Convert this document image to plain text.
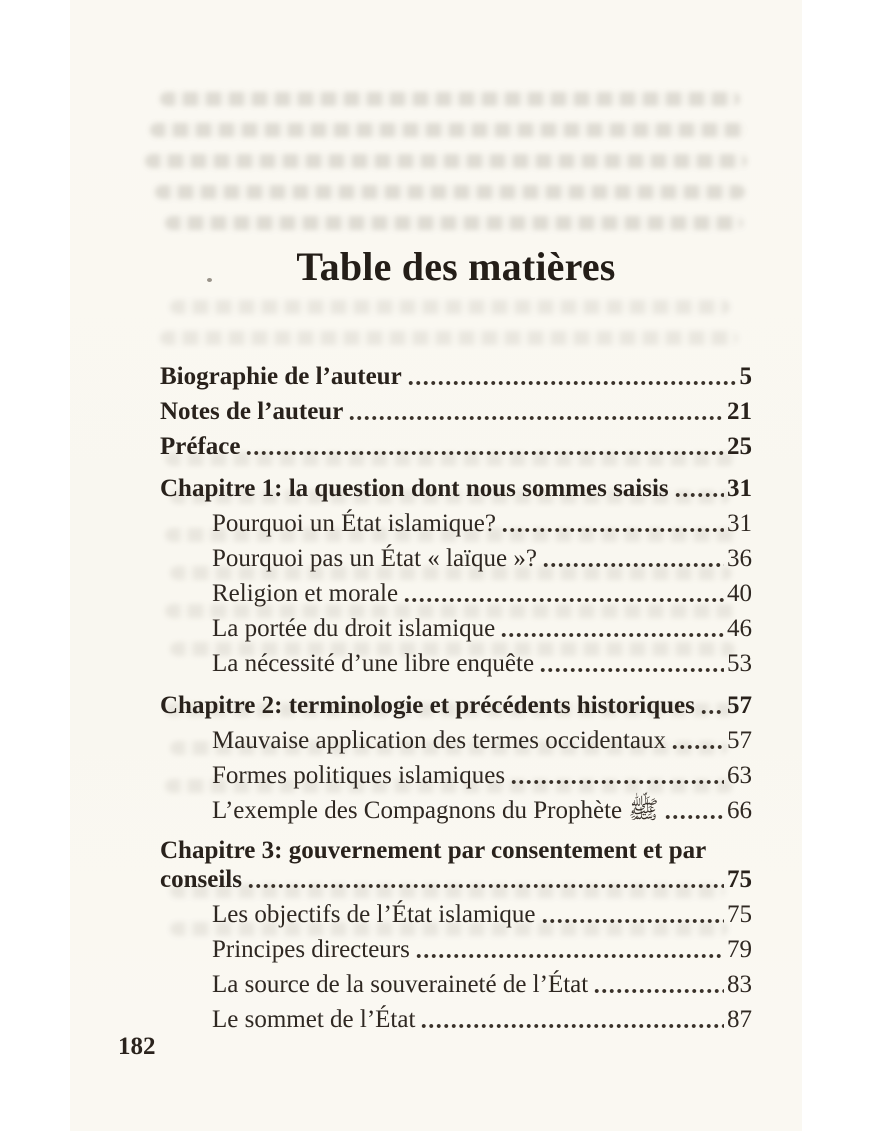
Table des matières
Biographie de l’auteur	5
Notes de l’auteur	21
Préface	25
Chapitre 1: la question dont nous sommes saisis 31
Pourquoi un État islamique?	31
Pourquoi pas un État « laïque »?	36
Religion et morale	40
La portée du droit islamique	46
La nécessité d’une libre enquête	53
Chapitre 2: terminologie et précédents historiques 57
Mauvaise application des termes occidentaux 57
Formes politiques islamiques	63
L’exemple des Compagnons du Prophète ﷺ	66
Chapitre 3: gouvernement par consentement et par
conseils	75
Les objectifs de l’État islamique	75
Principes directeurs	79
La source de la souveraineté de l’État	83
Le sommet de l’État	87
182
